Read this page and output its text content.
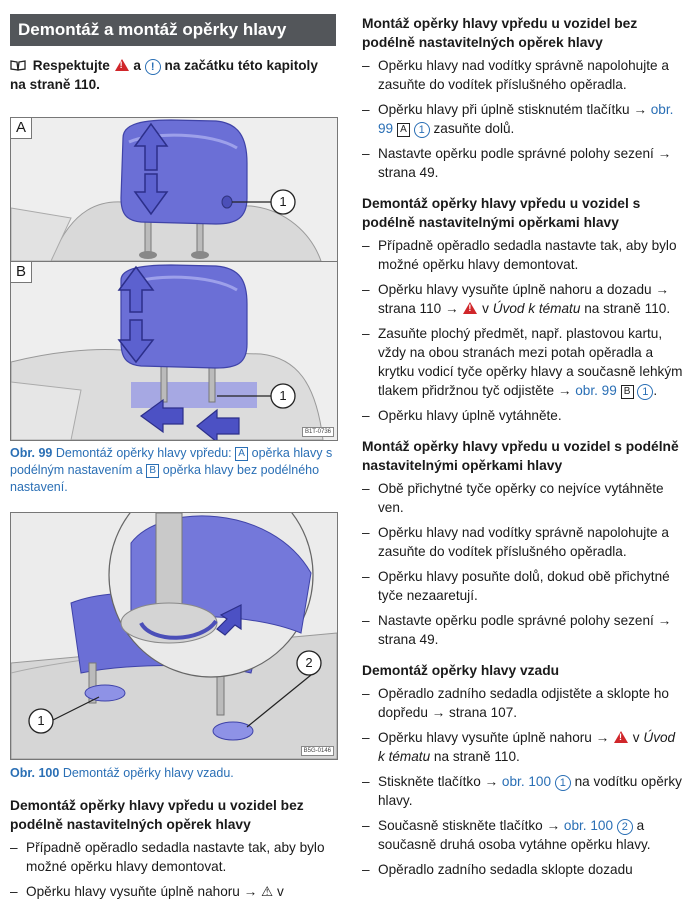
Demontáž a montáž opěrky hlavy
Respektujte ! a ! na začátku této kapitoly na straně 110.
A
1
B
1
B1T-0736
Obr. 99 Demontáž opěrky hlavy vpředu: A opěrka hlavy s podélným nastavením a B opěrka hlavy bez podélného nastavení.
1
2
B5G-0146
Obr. 100 Demontáž opěrky hlavy vzadu.
Demontáž opěrky hlavy vpředu u vozidel bez podélně nastavitelných opěrek hlavy
– Případně opěradlo sedadla nastavte tak, aby bylo možné opěrku hlavy demontovat.
– Opěrku hlavy vysuňte úplně nahoru → ⚠ v
Montáž opěrky hlavy vpředu u vozidel bez podélně nastavitelných opěrek hlavy
– Opěrku hlavy nad vodítky správně napolohujte a zasuňte do vodítek příslušného opěradla.
– Opěrku hlavy při úplně stisknutém tlačítku → obr. 99 A 1 zasuňte dolů.
– Nastavte opěrku podle správné polohy sezení → strana 49.
Demontáž opěrky hlavy vpředu u vozidel s podélně nastavitelnými opěrkami hlavy
– Případně opěradlo sedadla nastavte tak, aby bylo možné opěrku hlavy demontovat.
– Opěrku hlavy vysuňte úplně nahoru a dozadu → strana 110 → ! v Úvod k tématu na straně 110.
– Zasuňte plochý předmět, např. plastovou kartu, vždy na obou stranách mezi potah opěradla a krytku vodicí tyče opěrky hlavy a současně lehkým tlakem přidržnou tyč odjistěte → obr. 99 B 1 .
– Opěrku hlavy úplně vytáhněte.
Montáž opěrky hlavy vpředu u vozidel s podélně nastavitelnými opěrkami hlavy
– Obě přichytné tyče opěrky co nejvíce vytáhněte ven.
– Opěrku hlavy nad vodítky správně napolohujte a zasuňte do vodítek příslušného opěradla.
– Opěrku hlavy posuňte dolů, dokud obě přichytné tyče nezaaretují.
– Nastavte opěrku podle správné polohy sezení → strana 49.
Demontáž opěrky hlavy vzadu
– Opěradlo zadního sedadla odjistěte a sklopte ho dopředu → strana 107.
– Opěrku hlavy vysuňte úplně nahoru → ! v Úvod k tématu na straně 110.
– Stiskněte tlačítko → obr. 100 1 na vodítku opěrky hlavy.
– Současně stiskněte tlačítko → obr. 100 2 a současně druhá osoba vytáhne opěrku hlavy.
– Opěradlo zadního sedadla sklopte dozadu
